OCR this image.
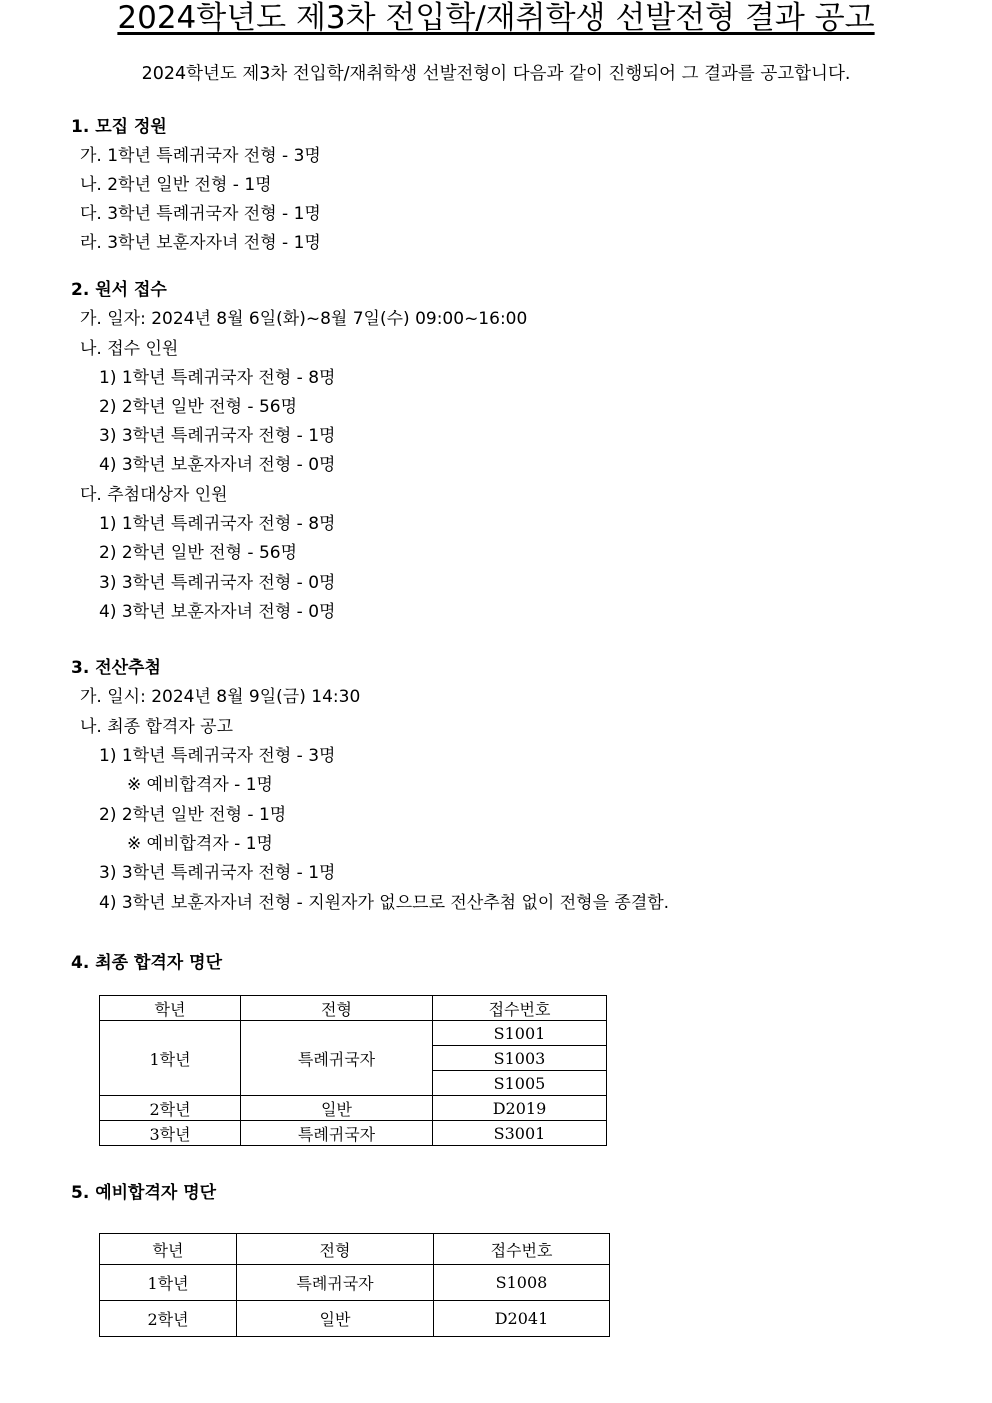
2024학년도 제3차 전입학/재취학생 선발전형 결과 공고
2024학년도 제3차 전입학/재취학생 선발전형이 다음과 같이 진행되어 그 결과를 공고합니다.
1. 모집 정원
가. 1학년 특례귀국자 전형 - 3명
나. 2학년 일반 전형 - 1명
다. 3학년 특례귀국자 전형 - 1명
라. 3학년 보훈자자녀 전형 - 1명
2. 원서 접수
가. 일자: 2024년 8월 6일(화)~8월 7일(수) 09:00~16:00
나. 접수 인원
1) 1학년 특례귀국자 전형 - 8명
2) 2학년 일반 전형 - 56명
3) 3학년 특례귀국자 전형 - 1명
4) 3학년 보훈자자녀 전형 - 0명
다. 추첨대상자 인원
1) 1학년 특례귀국자 전형 - 8명
2) 2학년 일반 전형 - 56명
3) 3학년 특례귀국자 전형 - 0명
4) 3학년 보훈자자녀 전형 - 0명
3. 전산추첨
가. 일시: 2024년 8월 9일(금) 14:30
나. 최종 합격자 공고
1) 1학년 특례귀국자 전형 - 3명
※ 예비합격자 - 1명
2) 2학년 일반 전형 - 1명
※ 예비합격자 - 1명
3) 3학년 특례귀국자 전형 - 1명
4) 3학년 보훈자자녀 전형 - 지원자가 없으므로 전산추첨 없이 전형을 종결함.
4. 최종 합격자 명단
학년	전형	접수번호
1학년	특례귀국자	S1001
		S1003
		S1005
2학년	일반	D2019
3학년	특례귀국자	S3001
5. 예비합격자 명단
학년	전형	접수번호
1학년	특례귀국자	S1008
2학년	일반	D2041
